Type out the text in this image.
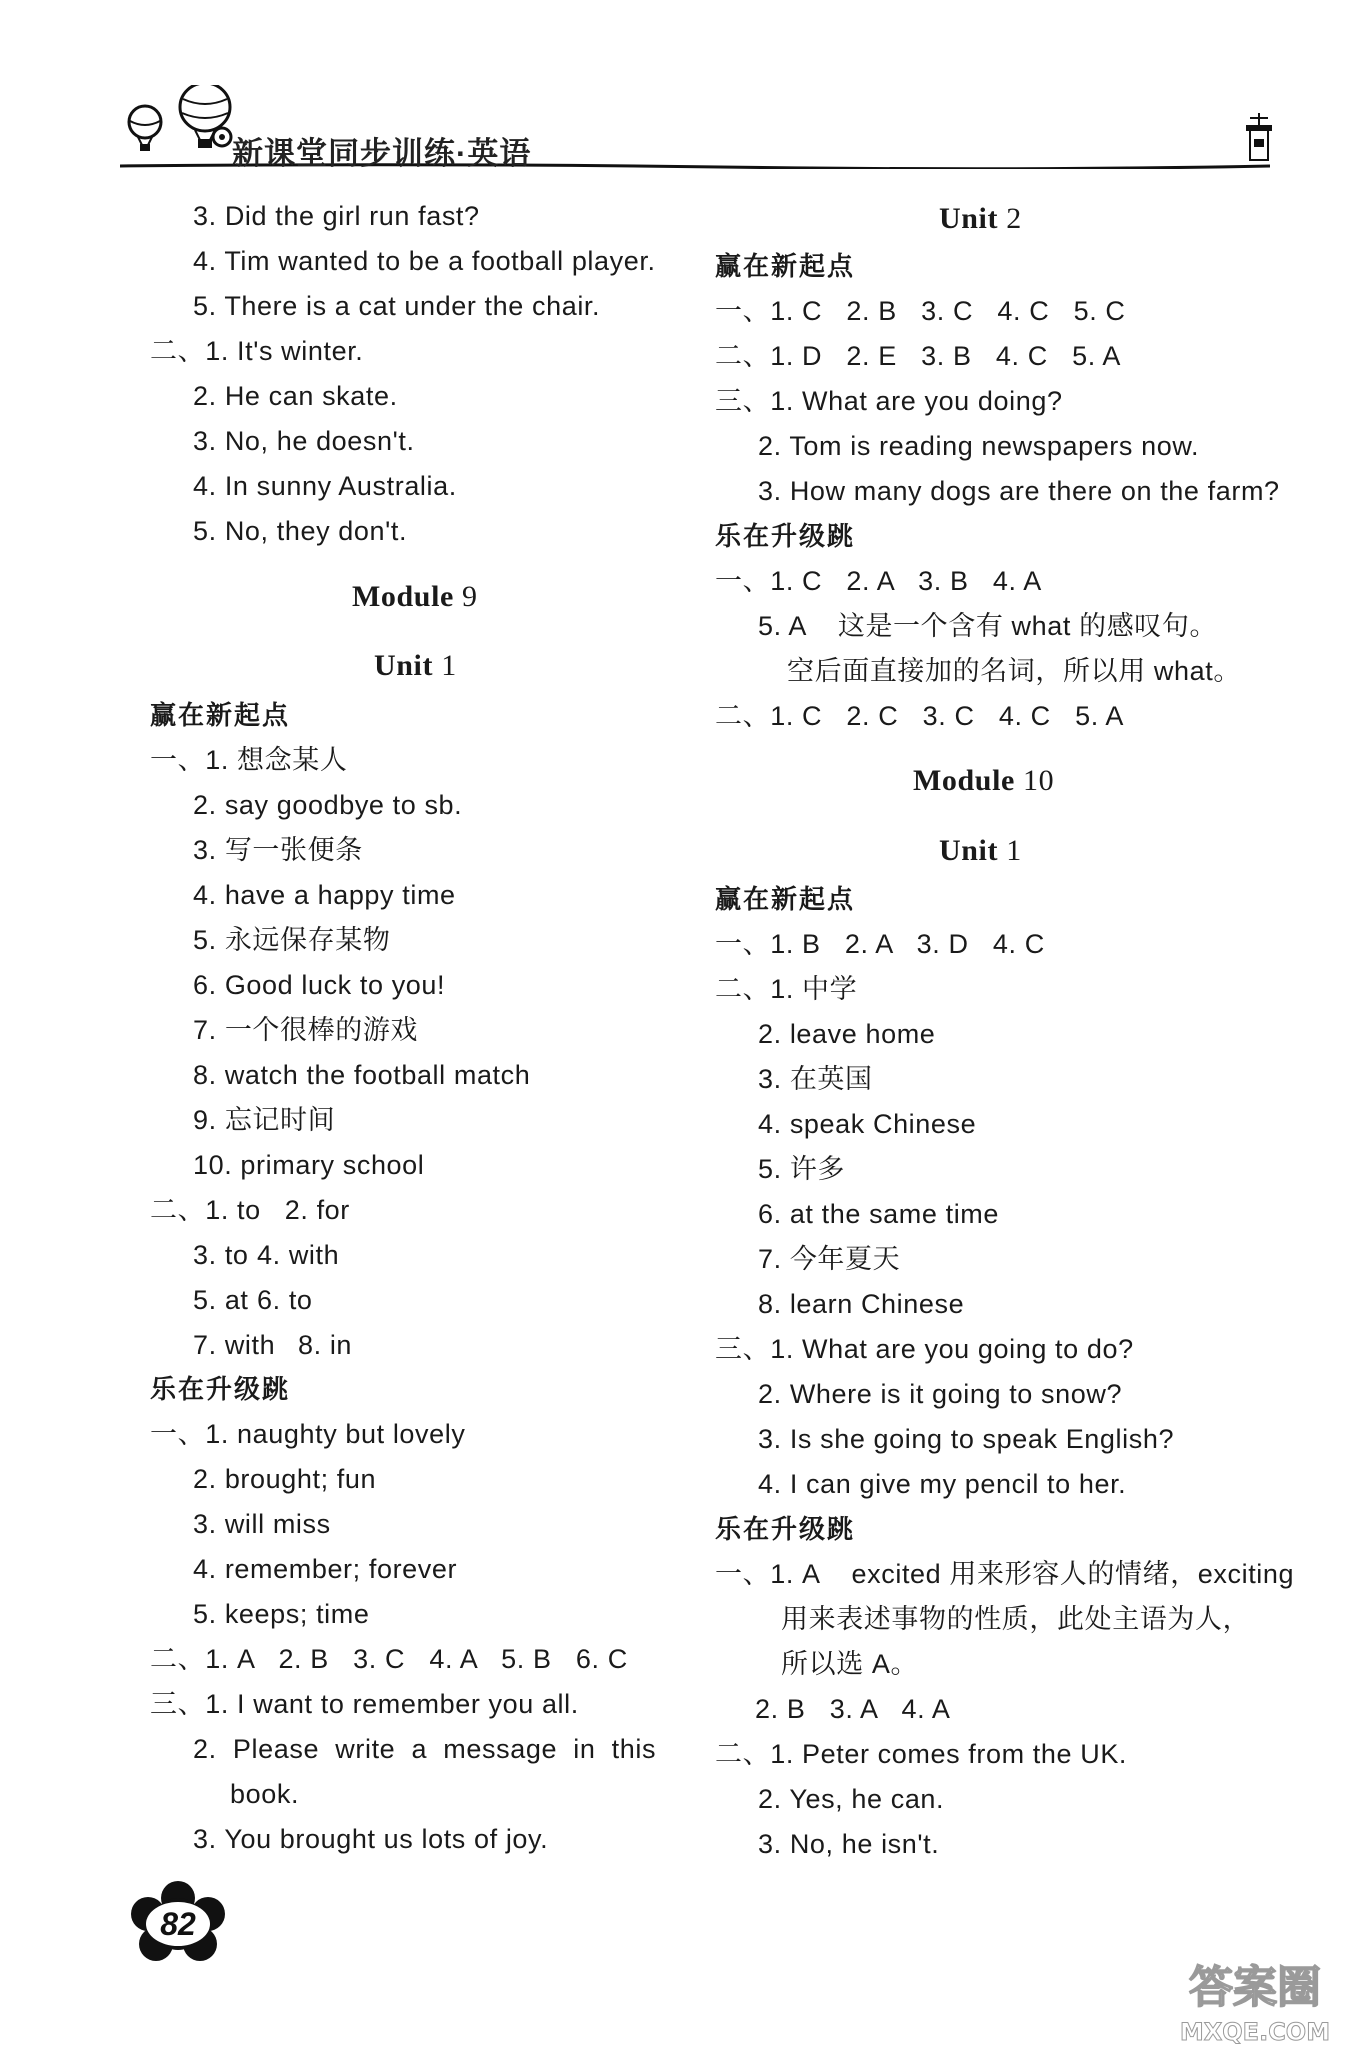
新课堂同步训练·英语
3. Did the girl run fast?
4. Tim wanted to be a football player.
5. There is a cat under the chair.
二、1. It's winter.
2. He can skate.
3. No, he doesn't.
4. In sunny Australia.
5. No, they don't.
Module 9
Unit 1
赢在新起点
一、1. 想念某人
2. say goodbye to sb.
3. 写一张便条
4. have a happy time
5. 永远保存某物
6. Good luck to you!
7. 一个很棒的游戏
8. watch the football match
9. 忘记时间
10. primary school
二、1. to 2. for
3. to 4. with
5. at 6. to
7. with 8. in
乐在升级跳
一、1. naughty but lovely
2. brought; fun
3. will miss
4. remember; forever
5. keeps; time
二、1. A   2. B   3. C   4. A   5. B   6. C
三、1. I want to remember you all.
2.  Please  write  a  message  in  this
book.
3. You brought us lots of joy.
Unit 2
赢在新起点
一、1. C   2. B   3. C   4. C   5. C
二、1. D   2. E   3. B   4. C   5. A
三、1. What are you doing?
2. Tom is reading newspapers now.
3. How many dogs are there on the farm?
乐在升级跳
一、1. C   2. A   3. B   4. A
5. A    这是一个含有 what 的感叹句。
空后面直接加的名词，所以用 what。
二、1. C   2. C   3. C   4. C   5. A
Module 10
Unit 1
赢在新起点
一、1. B   2. A   3. D   4. C
二、1. 中学
2. leave home
3. 在英国
4. speak Chinese
5. 许多
6. at the same time
7. 今年夏天
8. learn Chinese
三、1. What are you going to do?
2. Where is it going to snow?
3. Is she going to speak English?
4. I can give my pencil to her.
乐在升级跳
一、1. A    excited 用来形容人的情绪，exciting
用来表述事物的性质，此处主语为人，
所以选 A。
2. B   3. A   4. A
二、1. Peter comes from the UK.
2. Yes, he can.
3. No, he isn't.
82
答案圈
MXQE.COM
